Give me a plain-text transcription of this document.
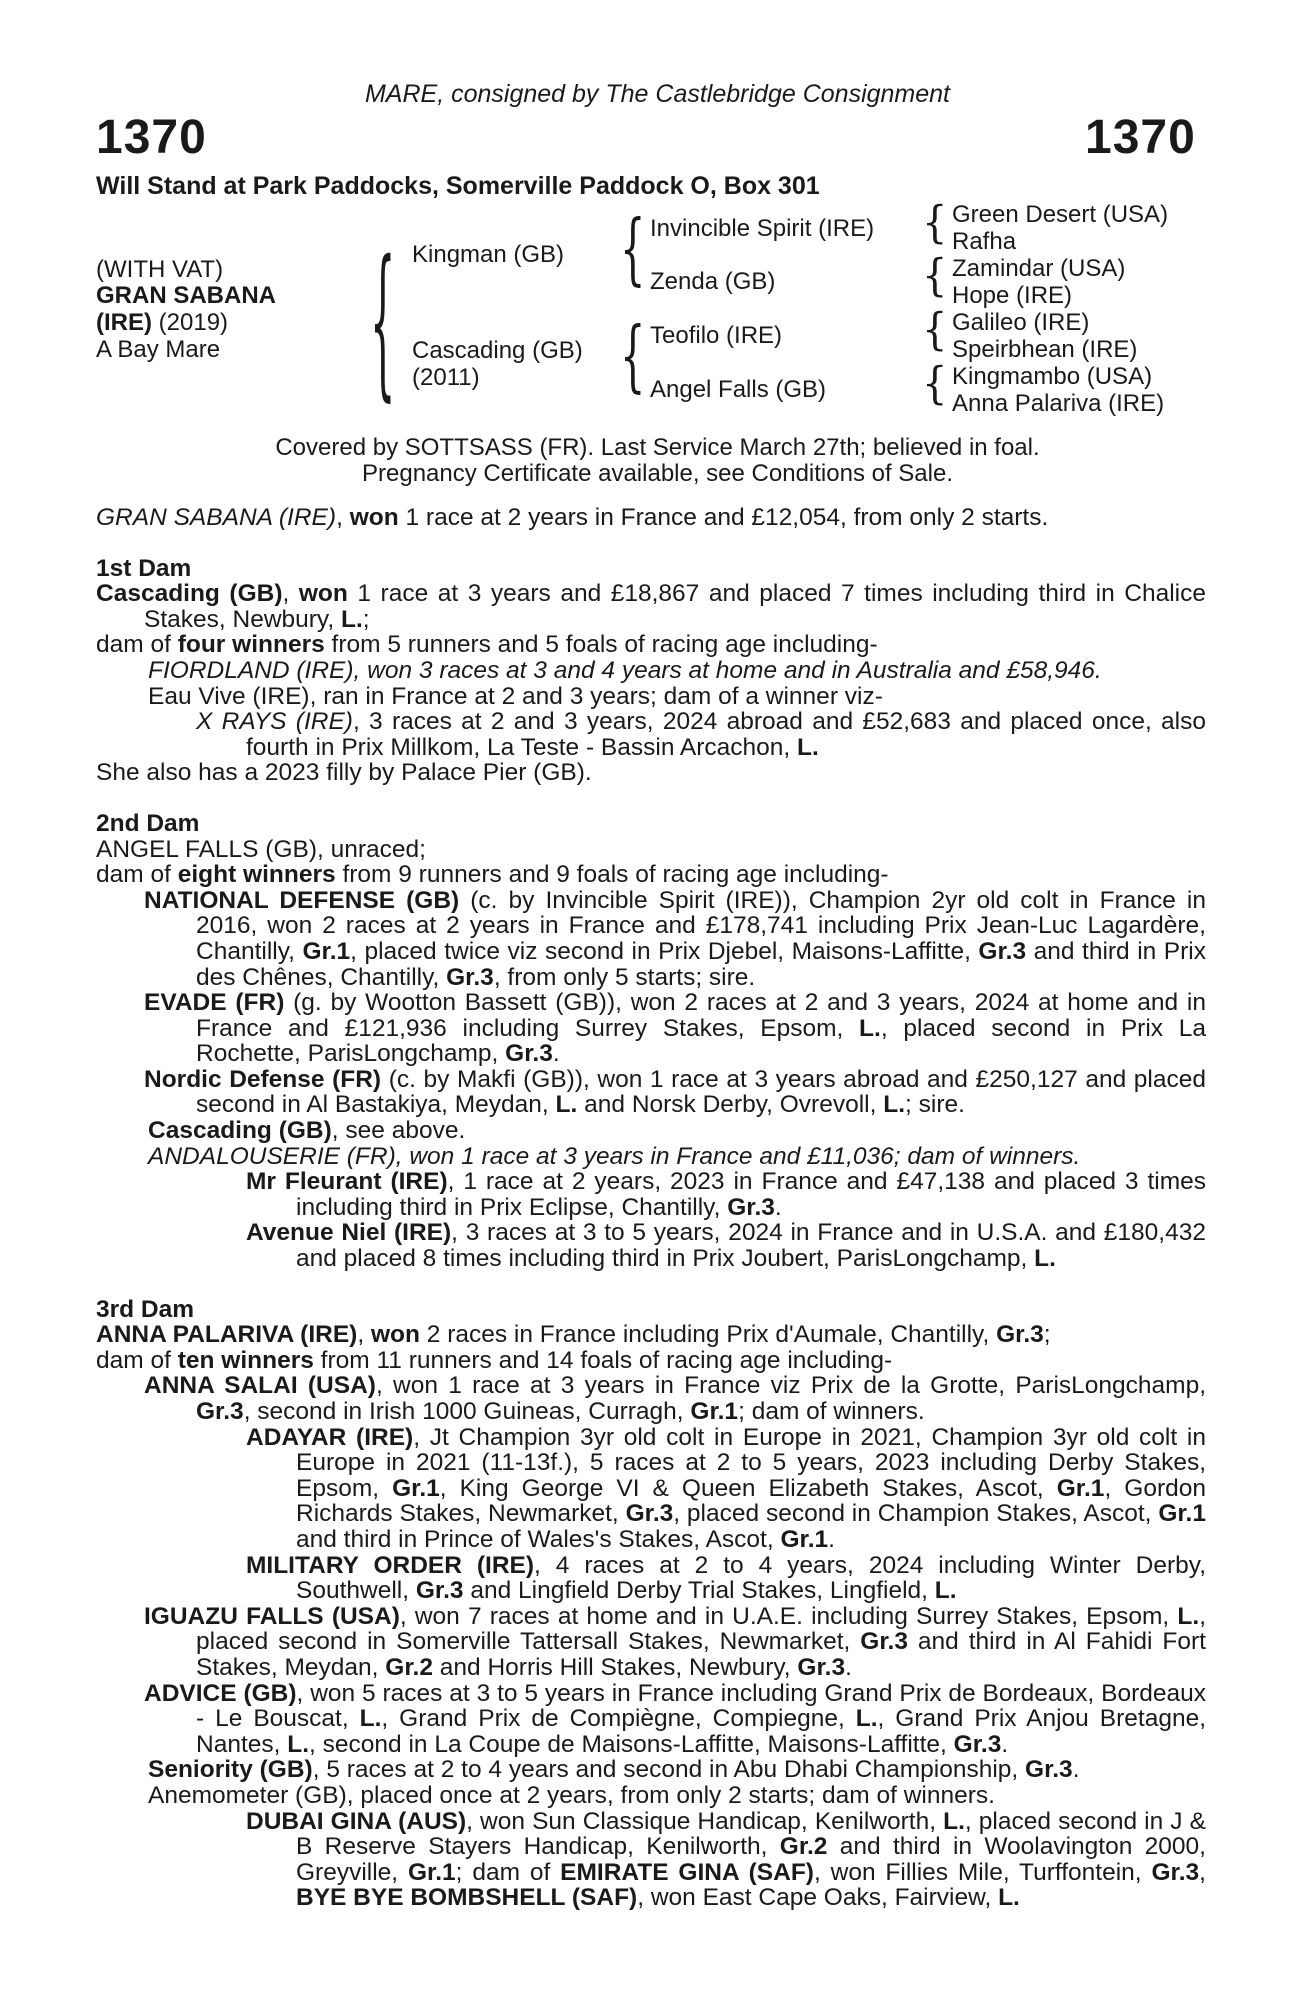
MARE, consigned by The Castlebridge Consignment
1370	1370
Will Stand at Park Paddocks, Somerville Paddock O, Box 301
(WITH VAT)
GRAN SABANA
(IRE) (2019)
A Bay Mare	{ Kingman (GB)
Cascading (GB)
(2011)
{
{
Invincible Spirit (IRE)
Zenda (GB)
Teofilo (IRE)
Angel Falls (GB)
{
{
{
{
Green Desert (USA)
Rafha
Zamindar (USA)
Hope (IRE)
Galileo (IRE)
Speirbhean (IRE)
Kingmambo (USA)
Anna Palariva (IRE)
Covered by SOTTSASS (FR). Last Service March 27th; believed in foal.
Pregnancy Certificate available, see Conditions of Sale.

GRAN SABANA (IRE), won 1 race at 2 years in France and £12,054, from only 2 starts.

1st Dam

Cascading (GB), won 1 race at 3 years and £18,867 and placed 7 times including third in Chalice Stakes, Newbury, L.;

dam of four winners from 5 runners and 5 foals of racing age including-

FIORDLAND (IRE), won 3 races at 3 and 4 years at home and in Australia and £58,946.

Eau Vive (IRE), ran in France at 2 and 3 years; dam of a winner viz-

X RAYS (IRE), 3 races at 2 and 3 years, 2024 abroad and £52,683 and placed once, also fourth in Prix Millkom, La Teste - Bassin Arcachon, L.

She also has a 2023 filly by Palace Pier (GB).

2nd Dam

ANGEL FALLS (GB), unraced;

dam of eight winners from 9 runners and 9 foals of racing age including-

NATIONAL DEFENSE (GB) (c. by Invincible Spirit (IRE)), Champion 2yr old colt in France in 2016, won 2 races at 2 years in France and £178,741 including Prix Jean-Luc Lagardère, Chantilly, Gr.1, placed twice viz second in Prix Djebel, Maisons-Laffitte, Gr.3 and third in Prix des Chênes, Chantilly, Gr.3, from only 5 starts; sire.

EVADE (FR) (g. by Wootton Bassett (GB)), won 2 races at 2 and 3 years, 2024 at home and in France and £121,936 including Surrey Stakes, Epsom, L., placed second in Prix La Rochette, ParisLongchamp, Gr.3.

Nordic Defense (FR) (c. by Makfi (GB)), won 1 race at 3 years abroad and £250,127 and placed second in Al Bastakiya, Meydan, L. and Norsk Derby, Ovrevoll, L.; sire.

Cascading (GB), see above.

ANDALOUSERIE (FR), won 1 race at 3 years in France and £11,036; dam of winners.

Mr Fleurant (IRE), 1 race at 2 years, 2023 in France and £47,138 and placed 3 times including third in Prix Eclipse, Chantilly, Gr.3.

Avenue Niel (IRE), 3 races at 3 to 5 years, 2024 in France and in U.S.A. and £180,432 and placed 8 times including third in Prix Joubert, ParisLongchamp, L.

3rd Dam

ANNA PALARIVA (IRE), won 2 races in France including Prix d'Aumale, Chantilly, Gr.3;

dam of ten winners from 11 runners and 14 foals of racing age including-

ANNA SALAI (USA), won 1 race at 3 years in France viz Prix de la Grotte, ParisLongchamp, Gr.3, second in Irish 1000 Guineas, Curragh, Gr.1; dam of winners.

ADAYAR (IRE), Jt Champion 3yr old colt in Europe in 2021, Champion 3yr old colt in Europe in 2021 (11-13f.), 5 races at 2 to 5 years, 2023 including Derby Stakes, Epsom, Gr.1, King George VI & Queen Elizabeth Stakes, Ascot, Gr.1, Gordon Richards Stakes, Newmarket, Gr.3, placed second in Champion Stakes, Ascot, Gr.1 and third in Prince of Wales's Stakes, Ascot, Gr.1.

MILITARY ORDER (IRE), 4 races at 2 to 4 years, 2024 including Winter Derby, Southwell, Gr.3 and Lingfield Derby Trial Stakes, Lingfield, L.

IGUAZU FALLS (USA), won 7 races at home and in U.A.E. including Surrey Stakes, Epsom, L., placed second in Somerville Tattersall Stakes, Newmarket, Gr.3 and third in Al Fahidi Fort Stakes, Meydan, Gr.2 and Horris Hill Stakes, Newbury, Gr.3.

ADVICE (GB), won 5 races at 3 to 5 years in France including Grand Prix de Bordeaux, Bordeaux - Le Bouscat, L., Grand Prix de Compiègne, Compiegne, L., Grand Prix Anjou Bretagne, Nantes, L., second in La Coupe de Maisons-Laffitte, Maisons-Laffitte, Gr.3.

Seniority (GB), 5 races at 2 to 4 years and second in Abu Dhabi Championship, Gr.3.

Anemometer (GB), placed once at 2 years, from only 2 starts; dam of winners.

DUBAI GINA (AUS), won Sun Classique Handicap, Kenilworth, L., placed second in J & B Reserve Stayers Handicap, Kenilworth, Gr.2 and third in Woolavington 2000, Greyville, Gr.1; dam of EMIRATE GINA (SAF), won Fillies Mile, Turffontein, Gr.3, BYE BYE BOMBSHELL (SAF), won East Cape Oaks, Fairview, L.
